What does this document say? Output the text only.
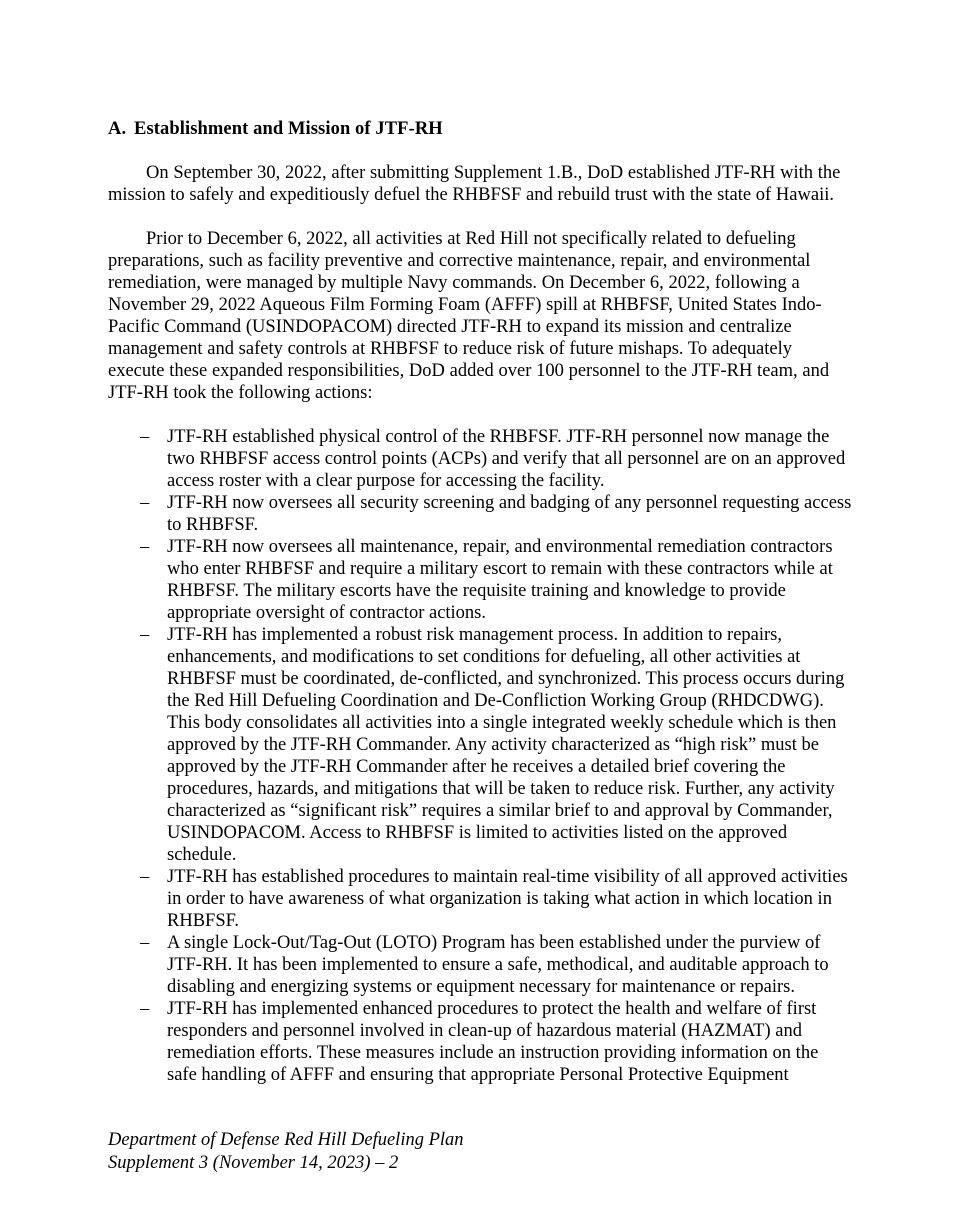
A. Establishment and Mission of JTF-RH

On September 30, 2022, after submitting Supplement 1.B., DoD established JTF-RH with the mission to safely and expeditiously defuel the RHBFSF and rebuild trust with the state of Hawaii.

Prior to December 6, 2022, all activities at Red Hill not specifically related to defueling preparations, such as facility preventive and corrective maintenance, repair, and environmental remediation, were managed by multiple Navy commands. On December 6, 2022, following a November 29, 2022 Aqueous Film Forming Foam (AFFF) spill at RHBFSF, United States Indo-Pacific Command (USINDOPACOM) directed JTF-RH to expand its mission and centralize management and safety controls at RHBFSF to reduce risk of future mishaps. To adequately execute these expanded responsibilities, DoD added over 100 personnel to the JTF-RH team, and JTF-RH took the following actions:

– JTF-RH established physical control of the RHBFSF. JTF-RH personnel now manage the two RHBFSF access control points (ACPs) and verify that all personnel are on an approved access roster with a clear purpose for accessing the facility.
– JTF-RH now oversees all security screening and badging of any personnel requesting access to RHBFSF.
– JTF-RH now oversees all maintenance, repair, and environmental remediation contractors who enter RHBFSF and require a military escort to remain with these contractors while at RHBFSF. The military escorts have the requisite training and knowledge to provide appropriate oversight of contractor actions.
– JTF-RH has implemented a robust risk management process. In addition to repairs, enhancements, and modifications to set conditions for defueling, all other activities at RHBFSF must be coordinated, de-conflicted, and synchronized. This process occurs during the Red Hill Defueling Coordination and De-Confliction Working Group (RHDCDWG). This body consolidates all activities into a single integrated weekly schedule which is then approved by the JTF-RH Commander. Any activity characterized as “high risk” must be approved by the JTF-RH Commander after he receives a detailed brief covering the procedures, hazards, and mitigations that will be taken to reduce risk. Further, any activity characterized as “significant risk” requires a similar brief to and approval by Commander, USINDOPACOM. Access to RHBFSF is limited to activities listed on the approved schedule.
– JTF-RH has established procedures to maintain real-time visibility of all approved activities in order to have awareness of what organization is taking what action in which location in RHBFSF.
– A single Lock-Out/Tag-Out (LOTO) Program has been established under the purview of JTF-RH. It has been implemented to ensure a safe, methodical, and auditable approach to disabling and energizing systems or equipment necessary for maintenance or repairs.
– JTF-RH has implemented enhanced procedures to protect the health and welfare of first responders and personnel involved in clean-up of hazardous material (HAZMAT) and remediation efforts. These measures include an instruction providing information on the safe handling of AFFF and ensuring that appropriate Personal Protective Equipment
Department of Defense Red Hill Defueling Plan
Supplement 3 (November 14, 2023) – 2
